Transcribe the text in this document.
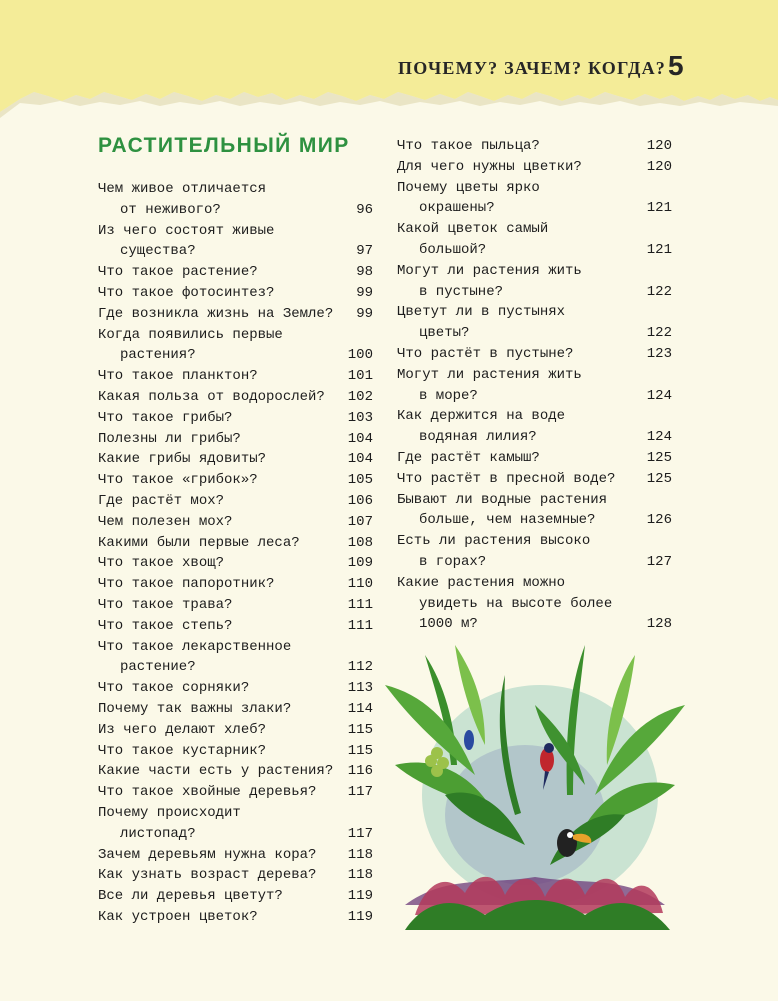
ПОЧЕМУ? ЗАЧЕМ? КОГДА? 5
РАСТИТЕЛЬНЫЙ МИР
Чем живое отличается
от неживого?	96
Из чего состоят живые
существа?	97
Что такое растение?	98
Что такое фотосинтез?	99
Где возникла жизнь на Земле?	99
Когда появились первые
растения?	100
Что такое планктон?	101
Какая польза от водорослей?	102
Что такое грибы?	103
Полезны ли грибы?	104
Какие грибы ядовиты?	104
Что такое «грибок»?	105
Где растёт мох?	106
Чем полезен мох?	107
Какими были первые леса?	108
Что такое хвощ?	109
Что такое папоротник?	110
Что такое трава?	111
Что такое степь?	111
Что такое лекарственное
растение?	112
Что такое сорняки?	113
Почему так важны злаки?	114
Из чего делают хлеб?	115
Что такое кустарник?	115
Какие части есть у растения?	116
Что такое хвойные деревья?	117
Почему происходит
листопад?	117
Зачем деревьям нужна кора?	118
Как узнать возраст дерева?	118
Все ли деревья цветут?	119
Как устроен цветок?	119
Что такое пыльца?	120
Для чего нужны цветки?	120
Почему цветы ярко
окрашены?	121
Какой цветок самый
большой?	121
Могут ли растения жить
в пустыне?	122
Цветут ли в пустынях
цветы?	122
Что растёт в пустыне?	123
Могут ли растения жить
в море?	124
Как держится на воде
водяная лилия?	124
Где растёт камыш?	125
Что растёт в пресной воде?	125
Бывают ли водные растения
больше, чем наземные?	126
Есть ли растения высоко
в горах?	127
Какие растения можно
увидеть на высоте более
1000 м?	128
